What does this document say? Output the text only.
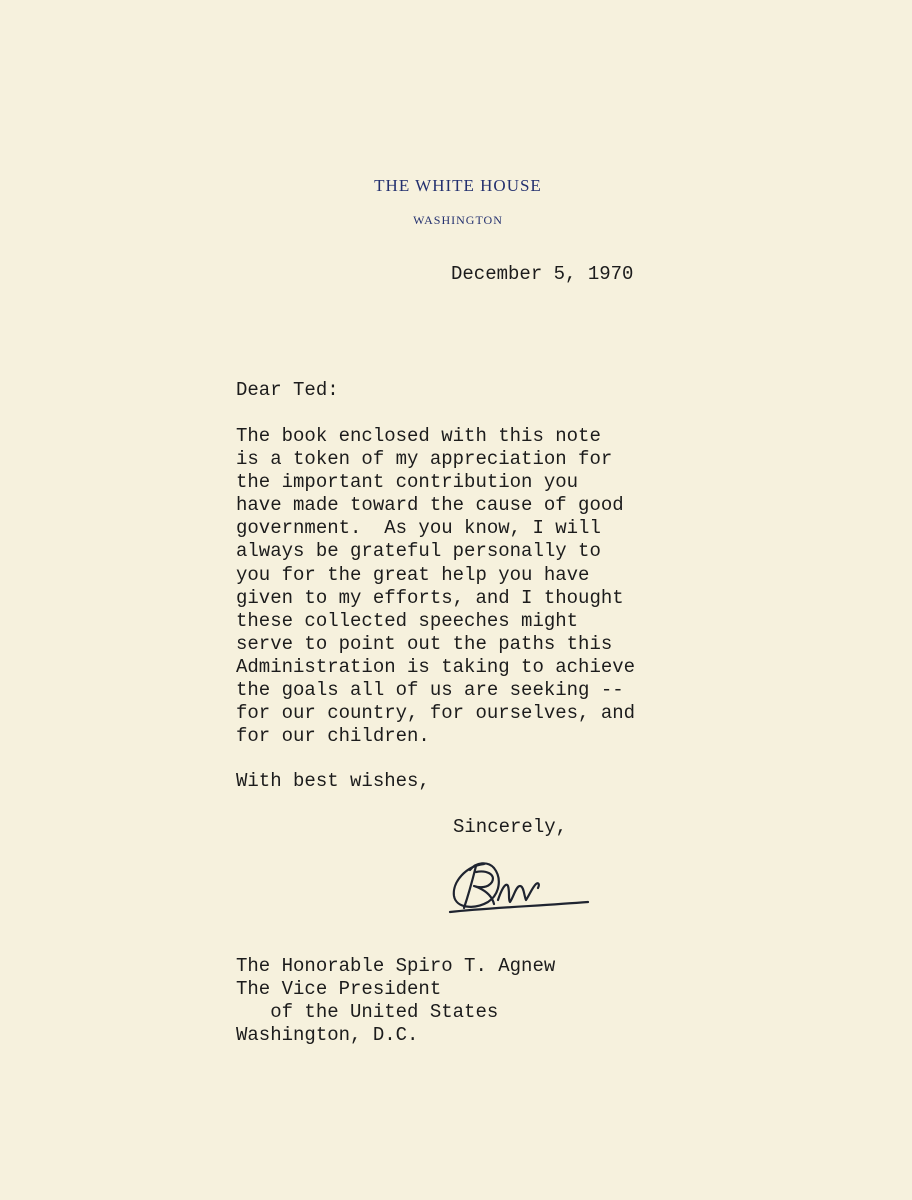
THE WHITE HOUSE
WASHINGTON
December 5, 1970
Dear Ted:
The book enclosed with this note
is a token of my appreciation for
the important contribution you
have made toward the cause of good
government.  As you know, I will
always be grateful personally to
you for the great help you have
given to my efforts, and I thought
these collected speeches might
serve to point out the paths this
Administration is taking to achieve
the goals all of us are seeking --
for our country, for ourselves, and
for our children.
With best wishes,
Sincerely,
The Honorable Spiro T. Agnew
The Vice President
of the United States
Washington, D.C.
